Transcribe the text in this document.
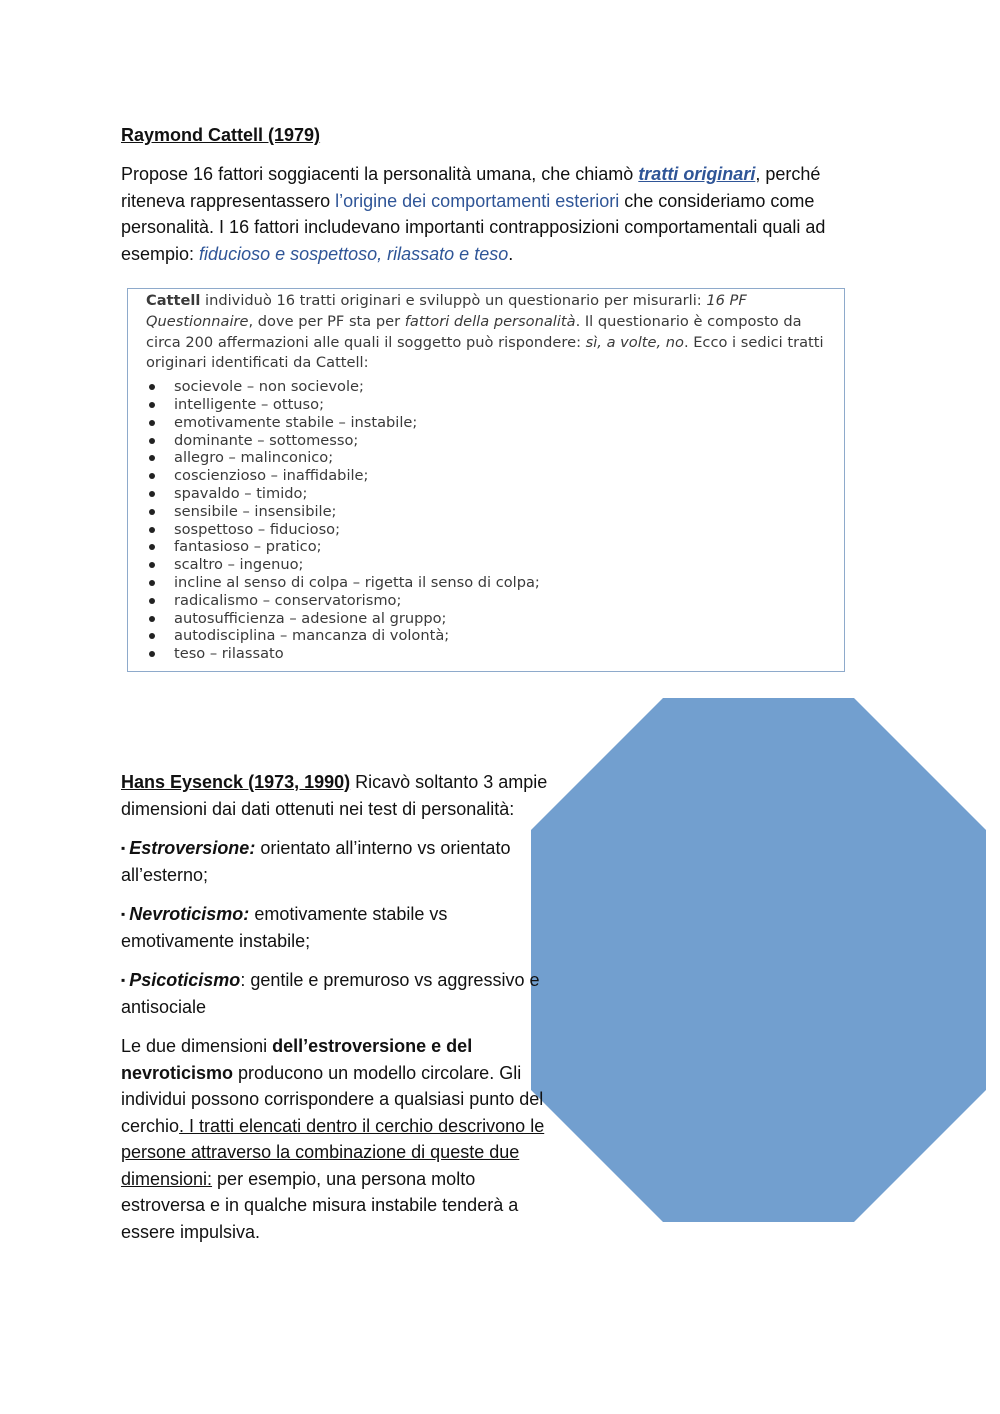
Raymond Cattell (1979)

Propose 16 fattori soggiacenti la personalità umana, che chiamò tratti originari, perché riteneva rappresentassero l’origine dei comportamenti esteriori che consideriamo come personalità. I 16 fattori includevano importanti contrapposizioni comportamentali quali ad esempio: fiducioso e sospettoso, rilassato e teso.

Cattell individuò 16 tratti originari e sviluppò un questionario per misurarli: 16 PF Questionnaire, dove per PF sta per fattori della personalità. Il questionario è composto da circa 200 affermazioni alle quali il soggetto può rispondere: sì, a volte, no. Ecco i sedici tratti originari identificati da Cattell:

socievole – non socievole;
intelligente – ottuso;
emotivamente stabile – instabile;
dominante – sottomesso;
allegro – malinconico;
coscienzioso – inaffidabile;
spavaldo – timido;
sensibile – insensibile;
sospettoso – fiducioso;
fantasioso – pratico;
scaltro – ingenuo;
incline al senso di colpa – rigetta il senso di colpa;
radicalismo – conservatorismo;
autosufficienza – adesione al gruppo;
autodisciplina – mancanza di volontà;
teso – rilassato

Hans Eysenck (1973, 1990) Ricavò soltanto 3 ampie dimensioni dai dati ottenuti nei test di personalità:

▪ Estroversione: orientato all’interno vs orientato all’esterno;

▪ Nevroticismo: emotivamente stabile vs emotivamente instabile;

▪ Psicoticismo: gentile e premuroso vs aggressivo e antisociale

Le due dimensioni dell’estroversione e del nevroticismo producono un modello circolare. Gli individui possono corrispondere a qualsiasi punto del cerchio. I tratti elencati dentro il cerchio descrivono le persone attraverso la combinazione di queste due dimensioni: per esempio, una persona molto estroversa e in qualche misura instabile tenderà a essere impulsiva.
